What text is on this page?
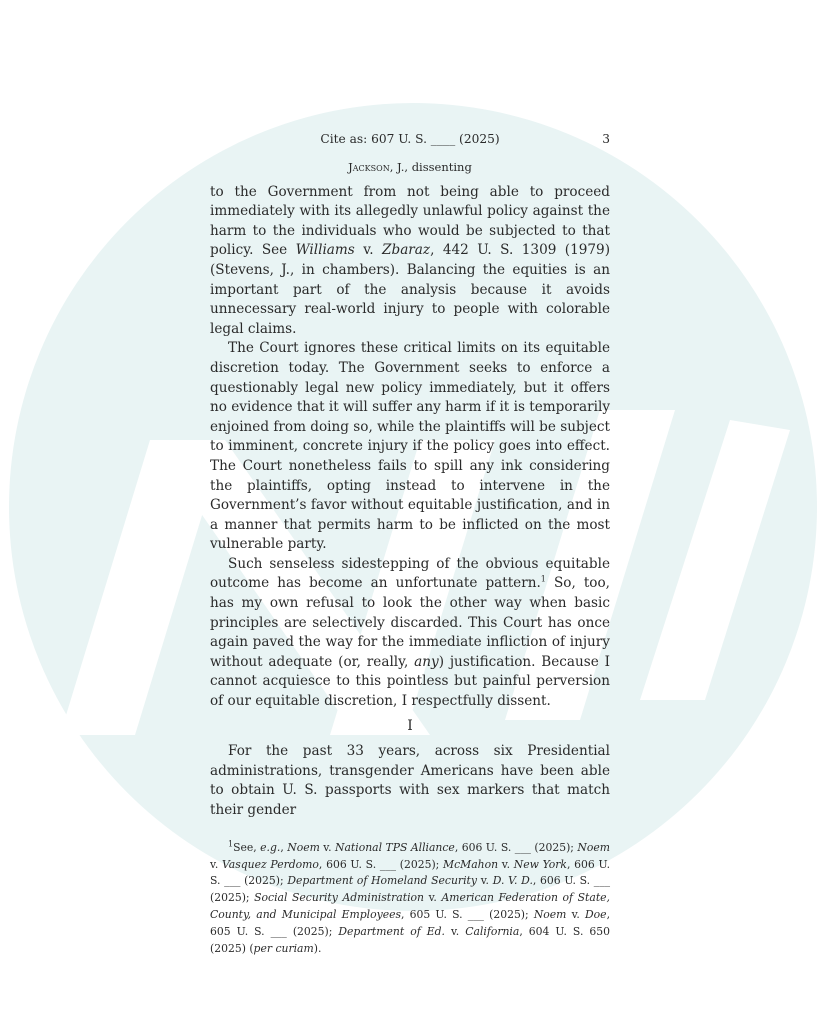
Cite as: 607 U. S. ____ (2025)	3
Jackson, J., dissenting

to the Government from not being able to proceed immediately with its allegedly unlawful policy against the harm to the individuals who would be subjected to that policy. See Williams v. Zbaraz, 442 U. S. 1309 (1979) (Stevens, J., in chambers). Balancing the equities is an important part of the analysis because it avoids unnecessary real-world injury to people with colorable legal claims.

The Court ignores these critical limits on its equitable discretion today. The Government seeks to enforce a questionably legal new policy immediately, but it offers no evidence that it will suffer any harm if it is temporarily enjoined from doing so, while the plaintiffs will be subject to imminent, concrete injury if the policy goes into effect. The Court nonetheless fails to spill any ink considering the plaintiffs, opting instead to intervene in the Government’s favor without equitable justification, and in a manner that permits harm to be inflicted on the most vulnerable party.

Such senseless sidestepping of the obvious equitable outcome has become an unfortunate pattern.$^1$ So, too, has my own refusal to look the other way when basic principles are selectively discarded. This Court has once again paved the way for the immediate infliction of injury without adequate (or, really, any) justification. Because I cannot acquiesce to this pointless but painful perversion of our equitable discretion, I respectfully dissent.

I

For the past 33 years, across six Presidential administrations, transgender Americans have been able to obtain U. S. passports with sex markers that match their gender

$^1$See, e.g., Noem v. National TPS Alliance, 606 U. S. ___ (2025); Noem v. Vasquez Perdomo, 606 U. S. ___ (2025); McMahon v. New York, 606 U. S. ___ (2025); Department of Homeland Security v. D. V. D., 606 U. S. ___ (2025); Social Security Administration v. American Federation of State, County, and Municipal Employees, 605 U. S. ___ (2025); Noem v. Doe, 605 U. S. ___ (2025); Department of Ed. v. California, 604 U. S. 650 (2025) (per curiam).
